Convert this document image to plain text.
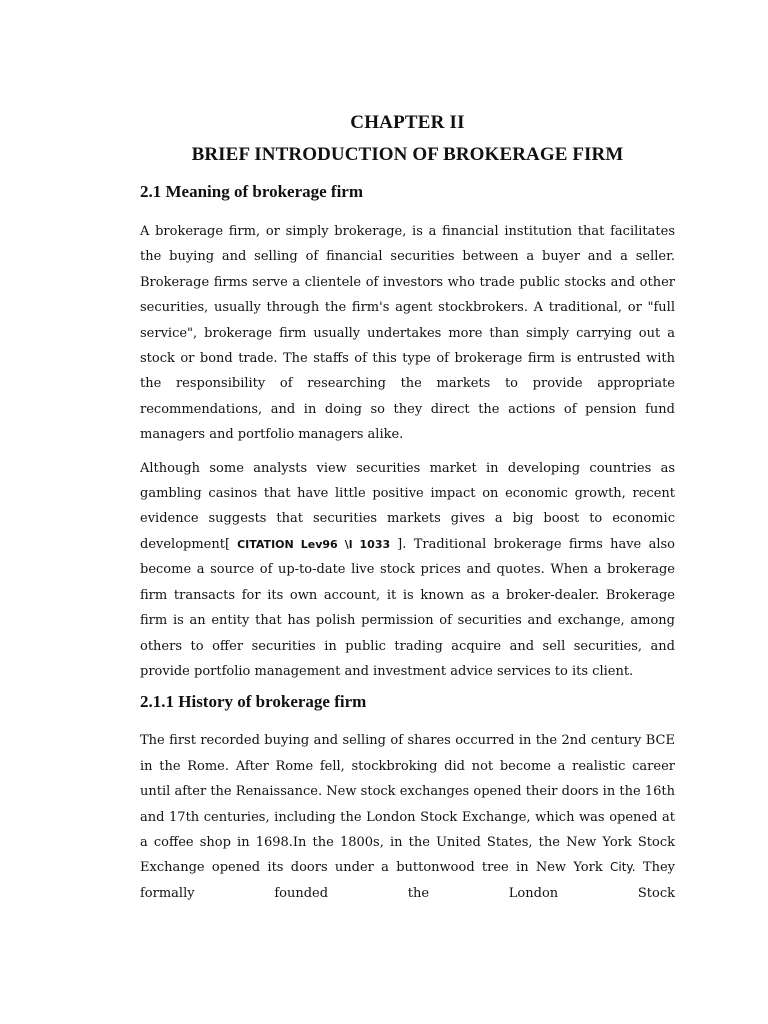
CHAPTER II
BRIEF INTRODUCTION OF BROKERAGE FIRM
2.1 Meaning of brokerage firm

A brokerage firm, or simply brokerage, is a financial institution that facilitates the buying and selling of financial securities between a buyer and a seller. Brokerage firms serve a clientele of investors who trade public stocks and other securities, usually through the firm's agent stockbrokers. A traditional, or "full service", brokerage firm usually undertakes more than simply carrying out a stock or bond trade. The staffs of this type of brokerage firm is entrusted with the responsibility of researching the markets to provide appropriate recommendations, and in doing so they direct the actions of pension fund managers and portfolio managers alike.

Although some analysts view securities market in developing countries as gambling casinos that have little positive impact on economic growth, recent evidence suggests that securities markets gives a big boost to economic development[ CITATION Lev96 \l 1033 ]. Traditional brokerage firms have also become a source of up-to-date live stock prices and quotes. When a brokerage firm transacts for its own account, it is known as a broker-dealer. Brokerage firm is an entity that has polish permission of securities and exchange, among others to offer securities in public trading acquire and sell securities, and provide portfolio management and investment advice services to its client.

2.1.1 History of brokerage firm

The first recorded buying and selling of shares occurred in the 2nd century BCE in the Rome. After Rome fell, stockbroking did not become a realistic career until after the Renaissance. New stock exchanges opened their doors in the 16th and 17th centuries, including the London Stock Exchange, which was opened at a coffee shop in 1698.In the 1800s, in the United States, the New York Stock Exchange opened its doors under a buttonwood tree in New York City. They formally founded the London Stock
